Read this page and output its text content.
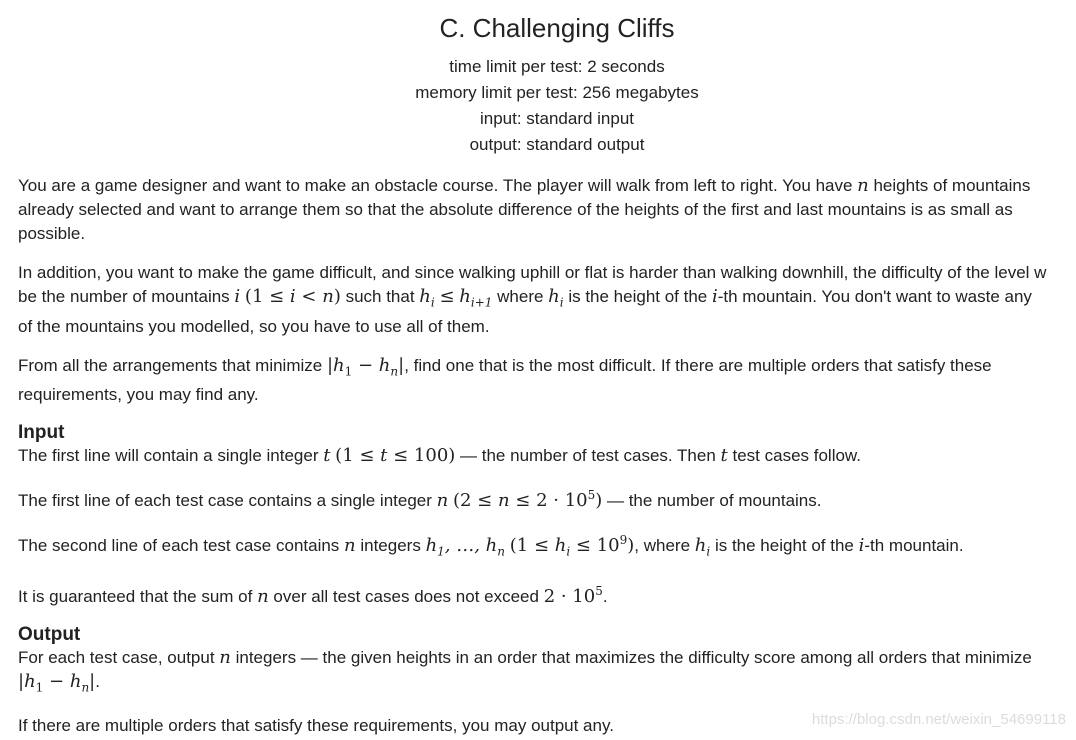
C. Challenging Cliffs
time limit per test: 2 seconds
memory limit per test: 256 megabytes
input: standard input
output: standard output

You are a game designer and want to make an obstacle course. The player will walk from left to right. You have n heights of mountains already selected and want to arrange them so that the absolute difference of the heights of the first and last mountains is as small as possible.

In addition, you want to make the game difficult, and since walking uphill or flat is harder than walking downhill, the difficulty of the level w
be the number of mountains i (1 ≤ i < n) such that $h_i \le h_{i+1}$ where $h_i$ is the height of the i-th mountain. You don't want to waste any
of the mountains you modelled, so you have to use all of them.

From all the arrangements that minimize $|h_1 - h_n|$, find one that is the most difficult. If there are multiple orders that satisfy these requirements, you may find any.

Input

The first line will contain a single integer t (1 ≤ t ≤ 100) — the number of test cases. Then t test cases follow.

The first line of each test case contains a single integer n $(2 \le n \le 2 \cdot 10^5)$ — the number of mountains.

The second line of each test case contains n integers $h_1$, …, $h_n$ $(1 \le h_i \le 10^9)$, where $h_i$ is the height of the i-th mountain.

It is guaranteed that the sum of n over all test cases does not exceed $2 \cdot 10^5$.

Output

For each test case, output n integers — the given heights in an order that maximizes the difficulty score among all orders that minimize
$|h_1 - h_n|$.

If there are multiple orders that satisfy these requirements, you may output any.	https://blog.csdn.net/weixin_54699118
